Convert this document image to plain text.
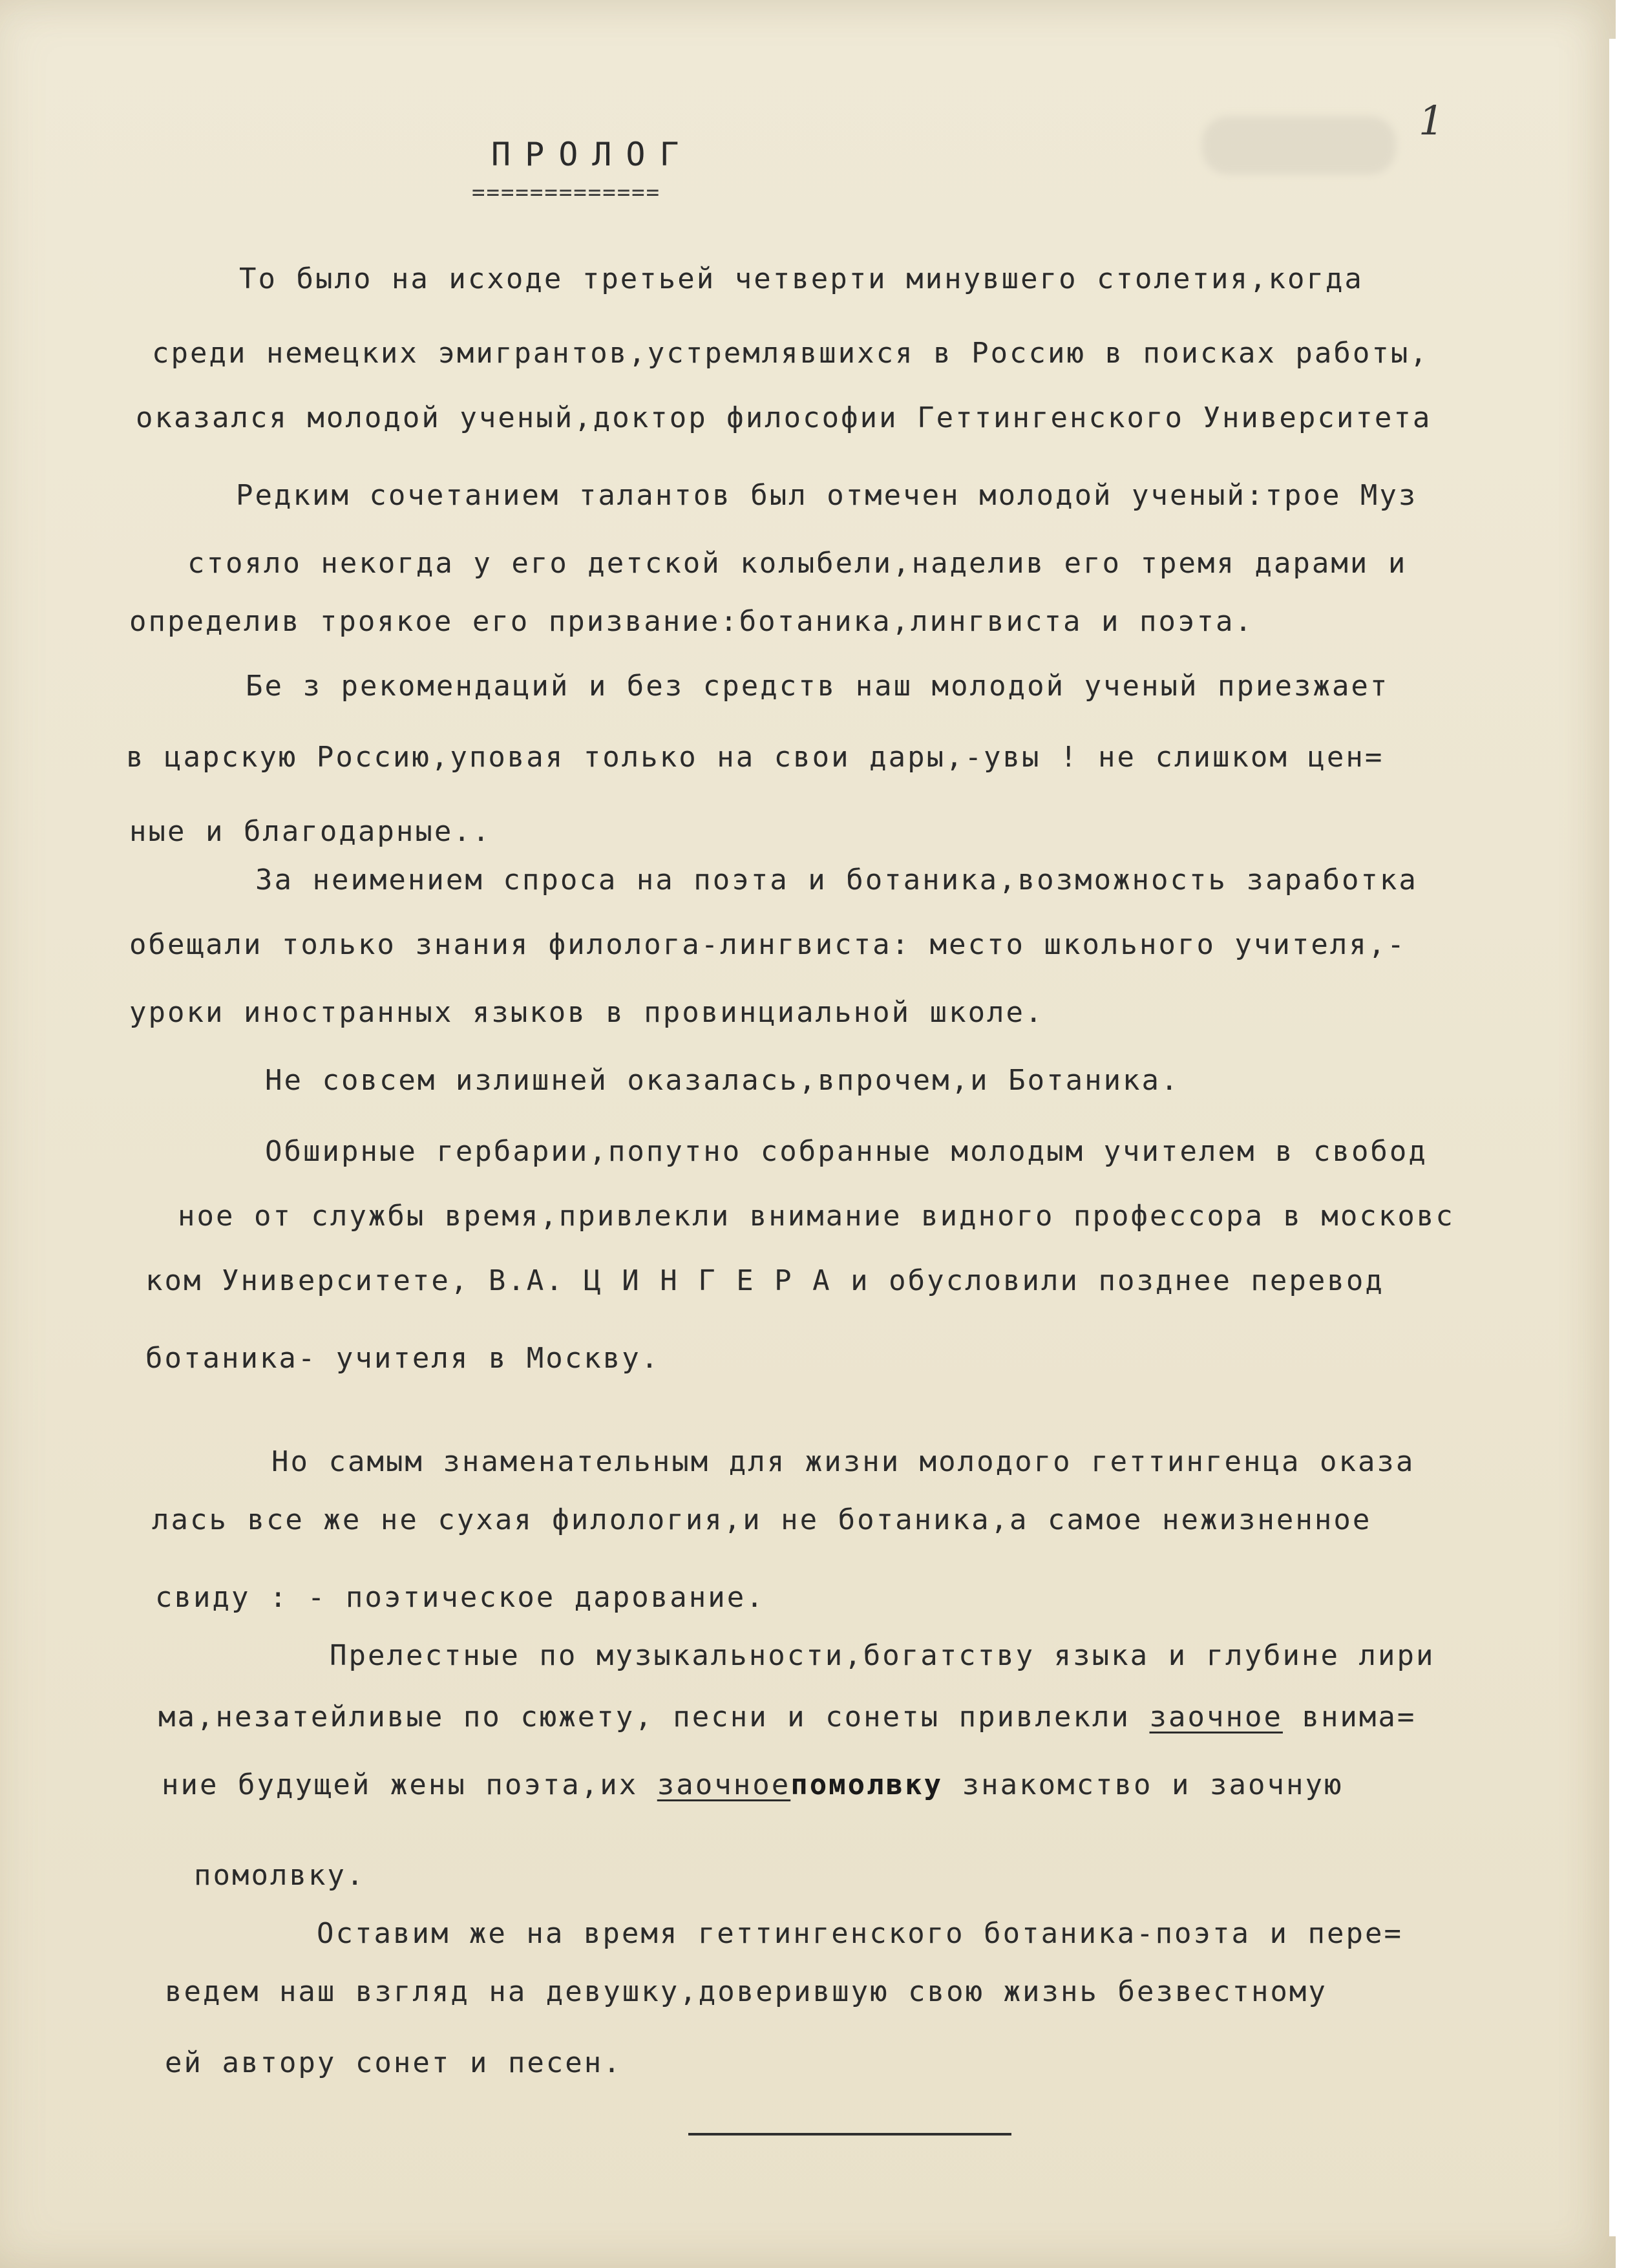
1
ПРОЛОГ
=============
То было на исходе третьей четверти минувшего столетия,когда
среди немецких эмигрантов,устремлявшихся в Россию в поисках работы,
оказался молодой ученый,доктор философии Геттингенского Университета
Редким сочетанием талантов был отмечен молодой ученый:трое Муз
стояло некогда у его детской колыбели,наделив его тремя дарами и
определив троякое его призвание:ботаника,лингвиста и поэта.
Бе з рекомендаций и без средств наш молодой ученый приезжает
в царскую Россию,уповая только на свои дары,-увы ! не слишком цен=
ные и благодарные..
За неимением спроса на поэта и ботаника,возможность заработка
обещали только знания филолога-лингвиста: место школьного учителя,-
уроки иностранных языков в провинциальной школе.
Не совсем излишней оказалась,впрочем,и Ботаника.
Обширные гербарии,попутно собранные молодым учителем в свобод
ное от службы время,привлекли внимание видного профессора в московс
ком Университете, В.А. Ц И Н Г Е Р А и обусловили позднее перевод
ботаника- учителя в Москву.
Но самым знаменательным для жизни молодого геттингенца оказа
лась все же не сухая филология,и не ботаника,а самое нежизненное
свиду : - поэтическое дарование.
Прелестные по музыкальности,богатству языка и глубине лири
ма,незатейливые по сюжету, песни и сонеты привлекли заочное внима=
ние будущей жены поэта,их заочноепомолвку знакомство и заочную
помолвку.
Оставим же на время геттингенского ботаника-поэта и пере=
ведем наш взгляд на девушку,доверившую свою жизнь безвестному
ей автору сонет и песен.
